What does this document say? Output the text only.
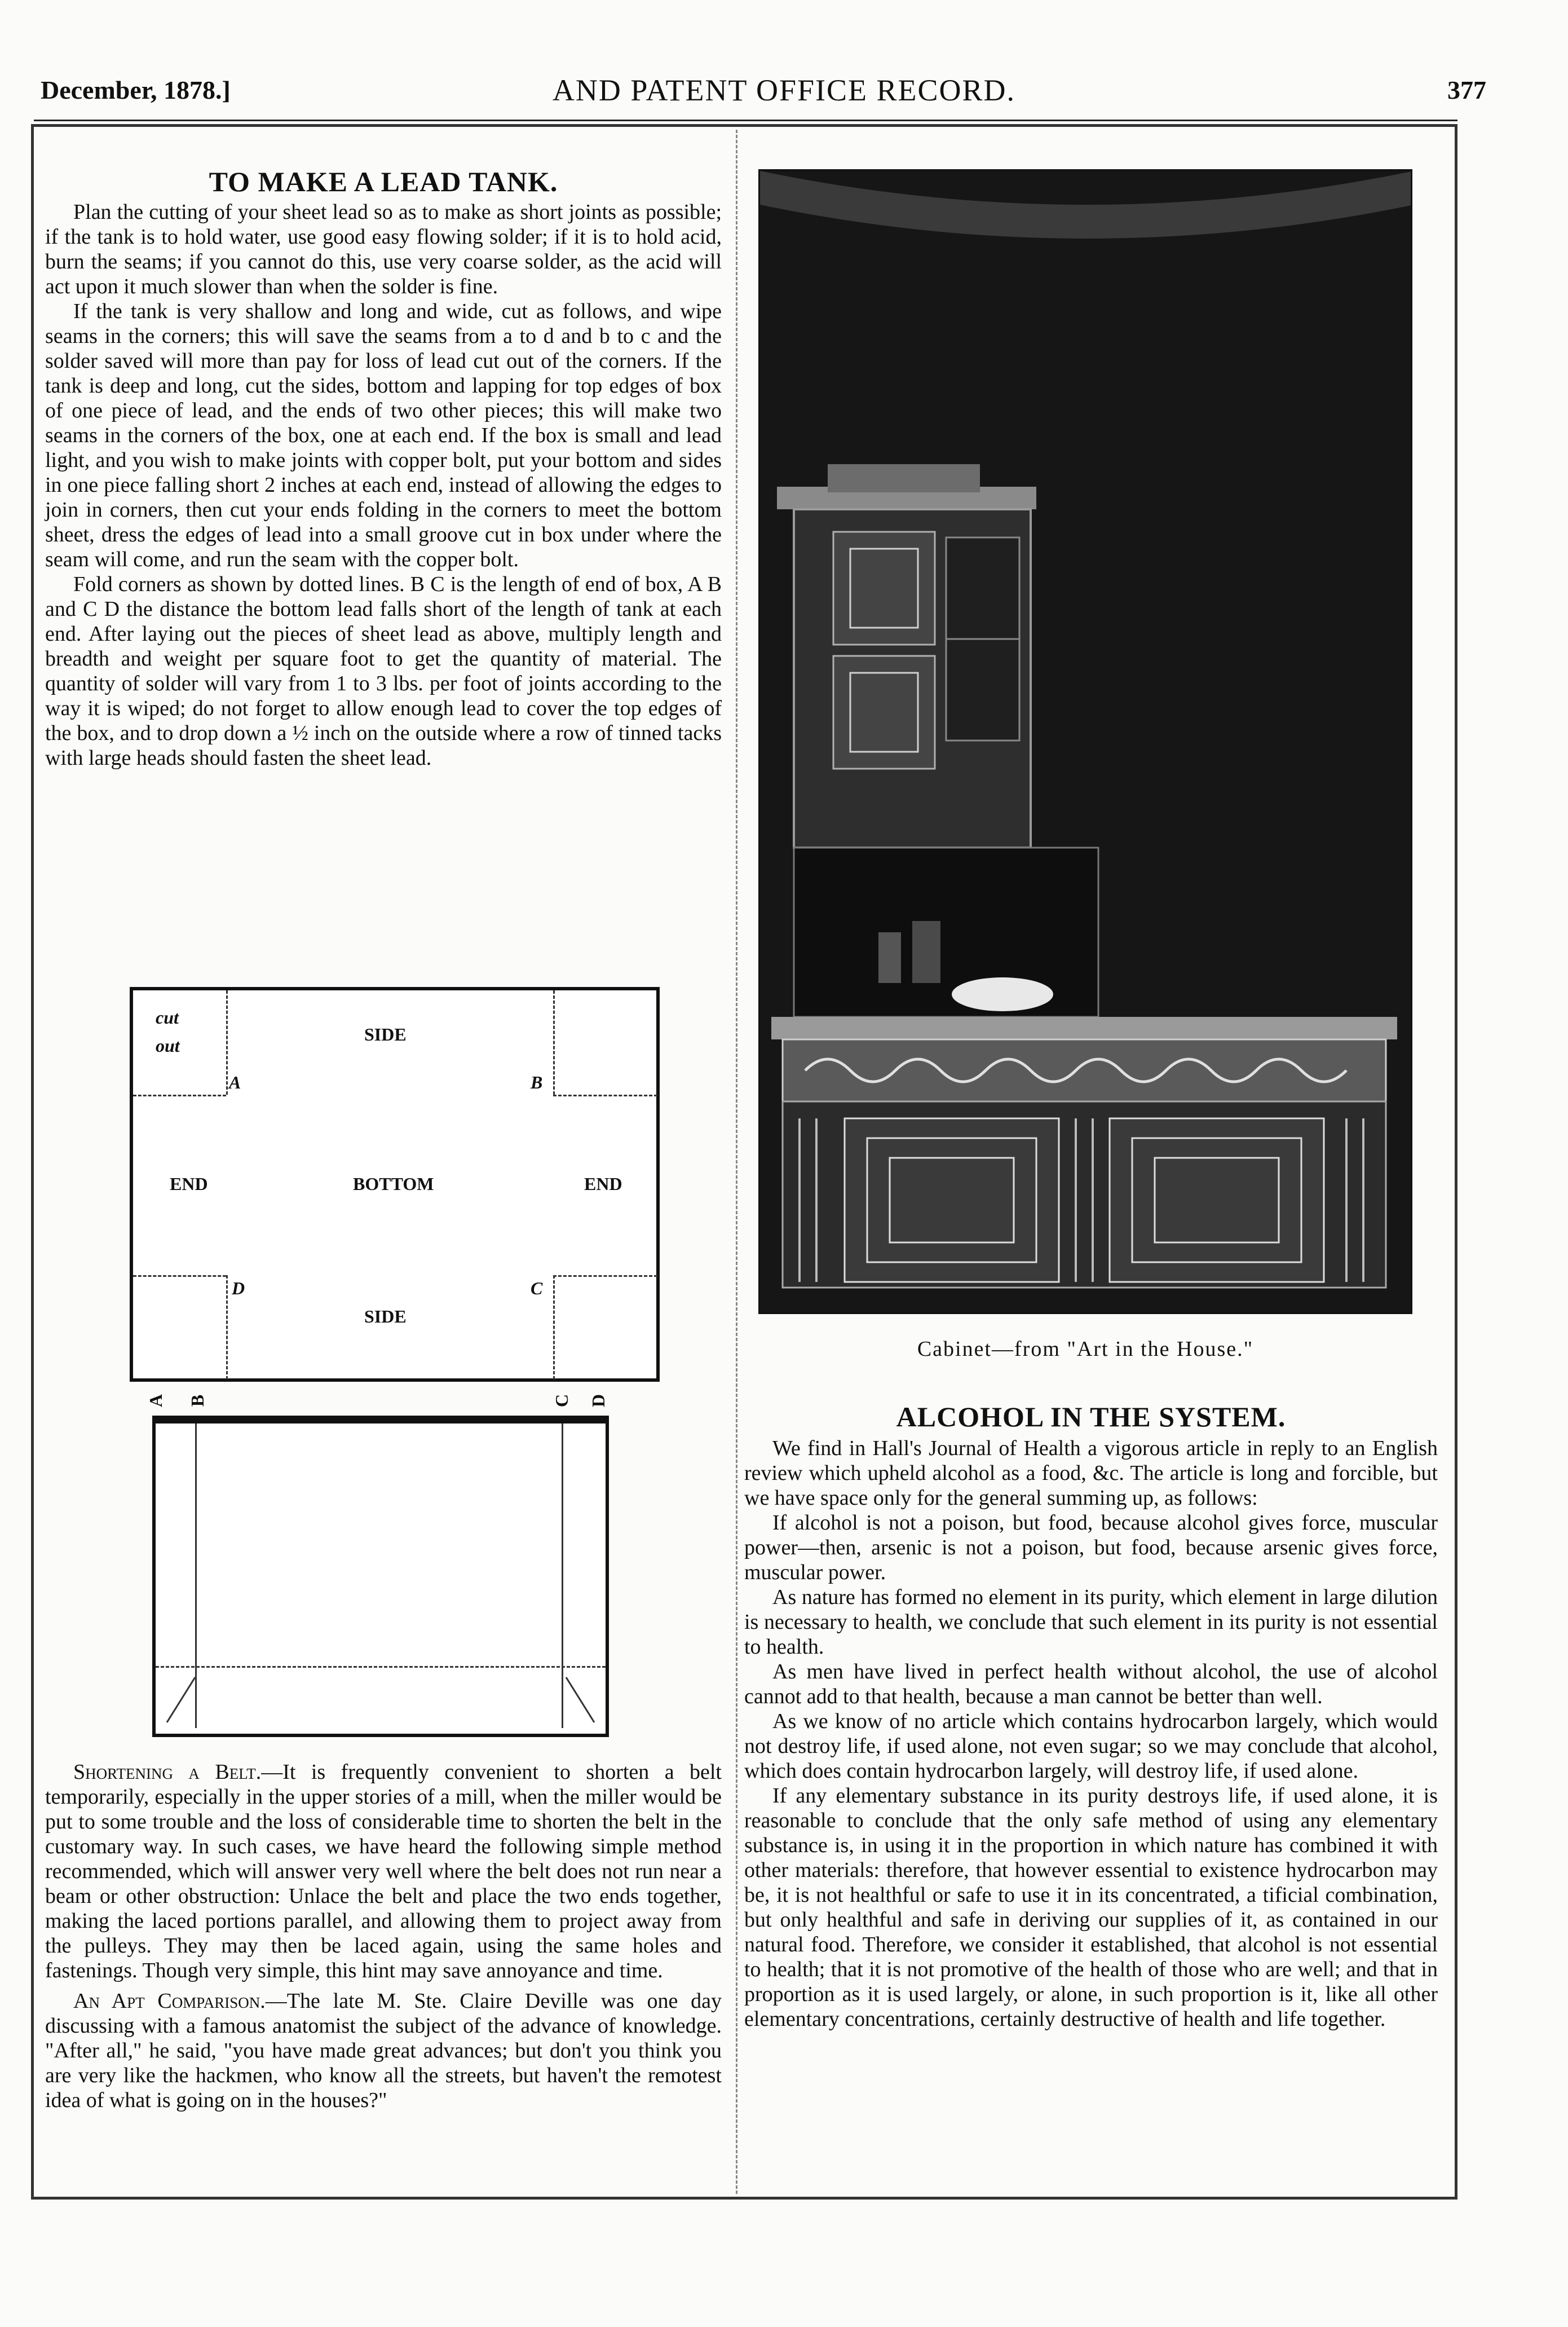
December, 1878.]	AND PATENT OFFICE RECORD.	377
TO MAKE A LEAD TANK.

Plan the cutting of your sheet lead so as to make as short joints as possible; if the tank is to hold water, use good easy flowing solder; if it is to hold acid, burn the seams; if you cannot do this, use very coarse solder, as the acid will act upon it much slower than when the solder is fine.

If the tank is very shallow and long and wide, cut as follows, and wipe seams in the corners; this will save the seams from a to d and b to c and the solder saved will more than pay for loss of lead cut out of the corners. If the tank is deep and long, cut the sides, bottom and lapping for top edges of box of one piece of lead, and the ends of two other pieces; this will make two seams in the corners of the box, one at each end. If the box is small and lead light, and you wish to make joints with copper bolt, put your bottom and sides in one piece falling short 2 inches at each end, instead of allowing the edges to join in corners, then cut your ends folding in the corners to meet the bottom sheet, dress the edges of lead into a small groove cut in box under where the seam will come, and run the seam with the copper bolt.

Fold corners as shown by dotted lines. B C is the length of end of box, A B and C D the distance the bottom lead falls short of the length of tank at each end. After laying out the pieces of sheet lead as above, multiply length and breadth and weight per square foot to get the quantity of material. The quantity of solder will vary from 1 to 3 lbs. per foot of joints according to the way it is wiped; do not forget to allow enough lead to cover the top edges of the box, and to drop down a ½ inch on the outside where a row of tinned tacks with large heads should fasten the sheet lead.

cut
out
SIDE
SIDE
END	END
BOTTOM
A	B
C
D
A B	C D

Shortening a Belt.—It is frequently convenient to shorten a belt temporarily, especially in the upper stories of a mill, when the miller would be put to some trouble and the loss of considerable time to shorten the belt in the customary way. In such cases, we have heard the following simple method recommended, which will answer very well where the belt does not run near a beam or other obstruction: Unlace the belt and place the two ends together, making the laced portions parallel, and allowing them to project away from the pulleys. They may then be laced again, using the same holes and fastenings. Though very simple, this hint may save annoyance and time.

An Apt Comparison.—The late M. Ste. Claire Deville was one day discussing with a famous anatomist the subject of the advance of knowledge. "After all," he said, "you have made great advances; but don't you think you are very like the hackmen, who know all the streets, but haven't the remotest idea of what is going on in the houses?"

Cabinet—from "Art in the House."
ALCOHOL IN THE SYSTEM.

We find in Hall's Journal of Health a vigorous article in reply to an English review which upheld alcohol as a food, &c. The article is long and forcible, but we have space only for the general summing up, as follows:

If alcohol is not a poison, but food, because alcohol gives force, muscular power—then, arsenic is not a poison, but food, because arsenic gives force, muscular power.

As nature has formed no element in its purity, which element in large dilution is necessary to health, we conclude that such element in its purity is not essential to health.

As men have lived in perfect health without alcohol, the use of alcohol cannot add to that health, because a man cannot be better than well.

As we know of no article which contains hydrocarbon largely, which would not destroy life, if used alone, not even sugar; so we may conclude that alcohol, which does contain hydrocarbon largely, will destroy life, if used alone.

If any elementary substance in its purity destroys life, if used alone, it is reasonable to conclude that the only safe method of using any elementary substance is, in using it in the proportion in which nature has combined it with other materials: therefore, that however essential to existence hydrocarbon may be, it is not healthful or safe to use it in its concentrated, a tificial combination, but only healthful and safe in deriving our supplies of it, as contained in our natural food. Therefore, we consider it established, that alcohol is not essential to health; that it is not promotive of the health of those who are well; and that in proportion as it is used largely, or alone, in such proportion is it, like all other elementary concentrations, certainly destructive of health and life together.
